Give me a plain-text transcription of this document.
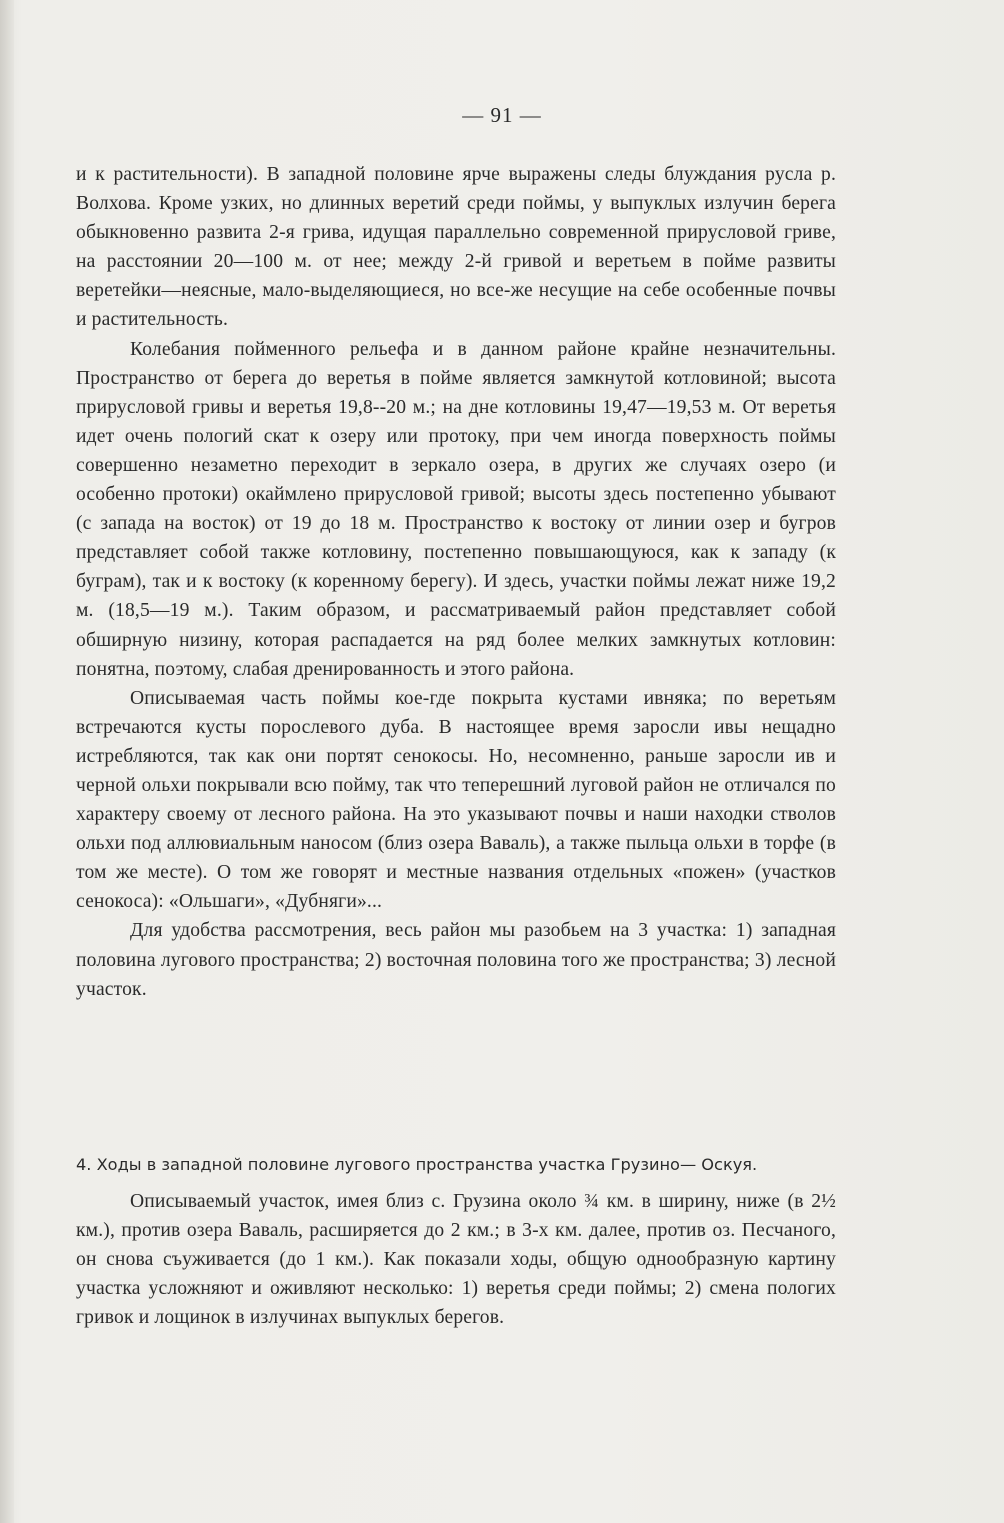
— 91 —

и к растительности). В западной половине ярче выражены следы блуждания русла р. Волхова. Кроме узких, но длинных веретий среди поймы, у выпуклых излучин берега обыкновенно развита 2-я грива, идущая параллельно современной прирусловой гриве, на расстоянии 20—100 м. от нее; между 2-й гривой и веретьем в пойме развиты веретейки—неясные, мало-выделяющиеся, но все-же несущие на себе особенные почвы и растительность.

Колебания пойменного рельефа и в данном районе крайне незначительны. Пространство от берега до веретья в пойме является замкнутой котловиной; высота прирусловой гривы и веретья 19,8--20 м.; на дне котловины 19,47—19,53 м. От веретья идет очень пологий скат к озеру или протоку, при чем иногда поверхность поймы совершенно незаметно переходит в зеркало озера, в других же случаях озеро (и особенно протоки) окаймлено прирусловой гривой; высоты здесь постепенно убывают (с запада на восток) от 19 до 18 м. Пространство к востоку от линии озер и бугров представляет собой также котловину, постепенно повышающуюся, как к западу (к буграм), так и к востоку (к коренному берегу). И здесь, участки поймы лежат ниже 19,2 м. (18,5—19 м.). Таким образом, и рассматриваемый район представляет собой обширную низину, которая распадается на ряд более мелких замкнутых котловин: понятна, поэтому, слабая дренированность и этого района.

Описываемая часть поймы кое-где покрыта кустами ивняка; по веретьям встречаются кусты порослевого дуба. В настоящее время заросли ивы нещадно истребляются, так как они портят сенокосы. Но, несомненно, раньше заросли ив и черной ольхи покрывали всю пойму, так что теперешний луговой район не отличался по характеру своему от лесного района. На это указывают почвы и наши находки стволов ольхи под аллювиальным наносом (близ озера Ваваль), а также пыльца ольхи в торфе (в том же месте). О том же говорят и местные названия отдельных «пожен» (участков сенокоса): «Ольшаги», «Дубняги»...

Для удобства рассмотрения, весь район мы разобьем на 3 участка: 1) западная половина лугового пространства; 2) восточная половина того же пространства; 3) лесной участок.

4. Ходы в западной половине лугового пространства участка Грузино— Оскуя.

Описываемый участок, имея близ с. Грузина около ¾ км. в ширину, ниже (в 2½ км.), против озера Ваваль, расширяется до 2 км.; в 3-х км. далее, против оз. Песчаного, он снова съуживается (до 1 км.). Как показали ходы, общую однообразную картину участка усложняют и оживляют несколько: 1) веретья среди поймы; 2) смена пологих гривок и лощинок в излучинах выпуклых берегов.
